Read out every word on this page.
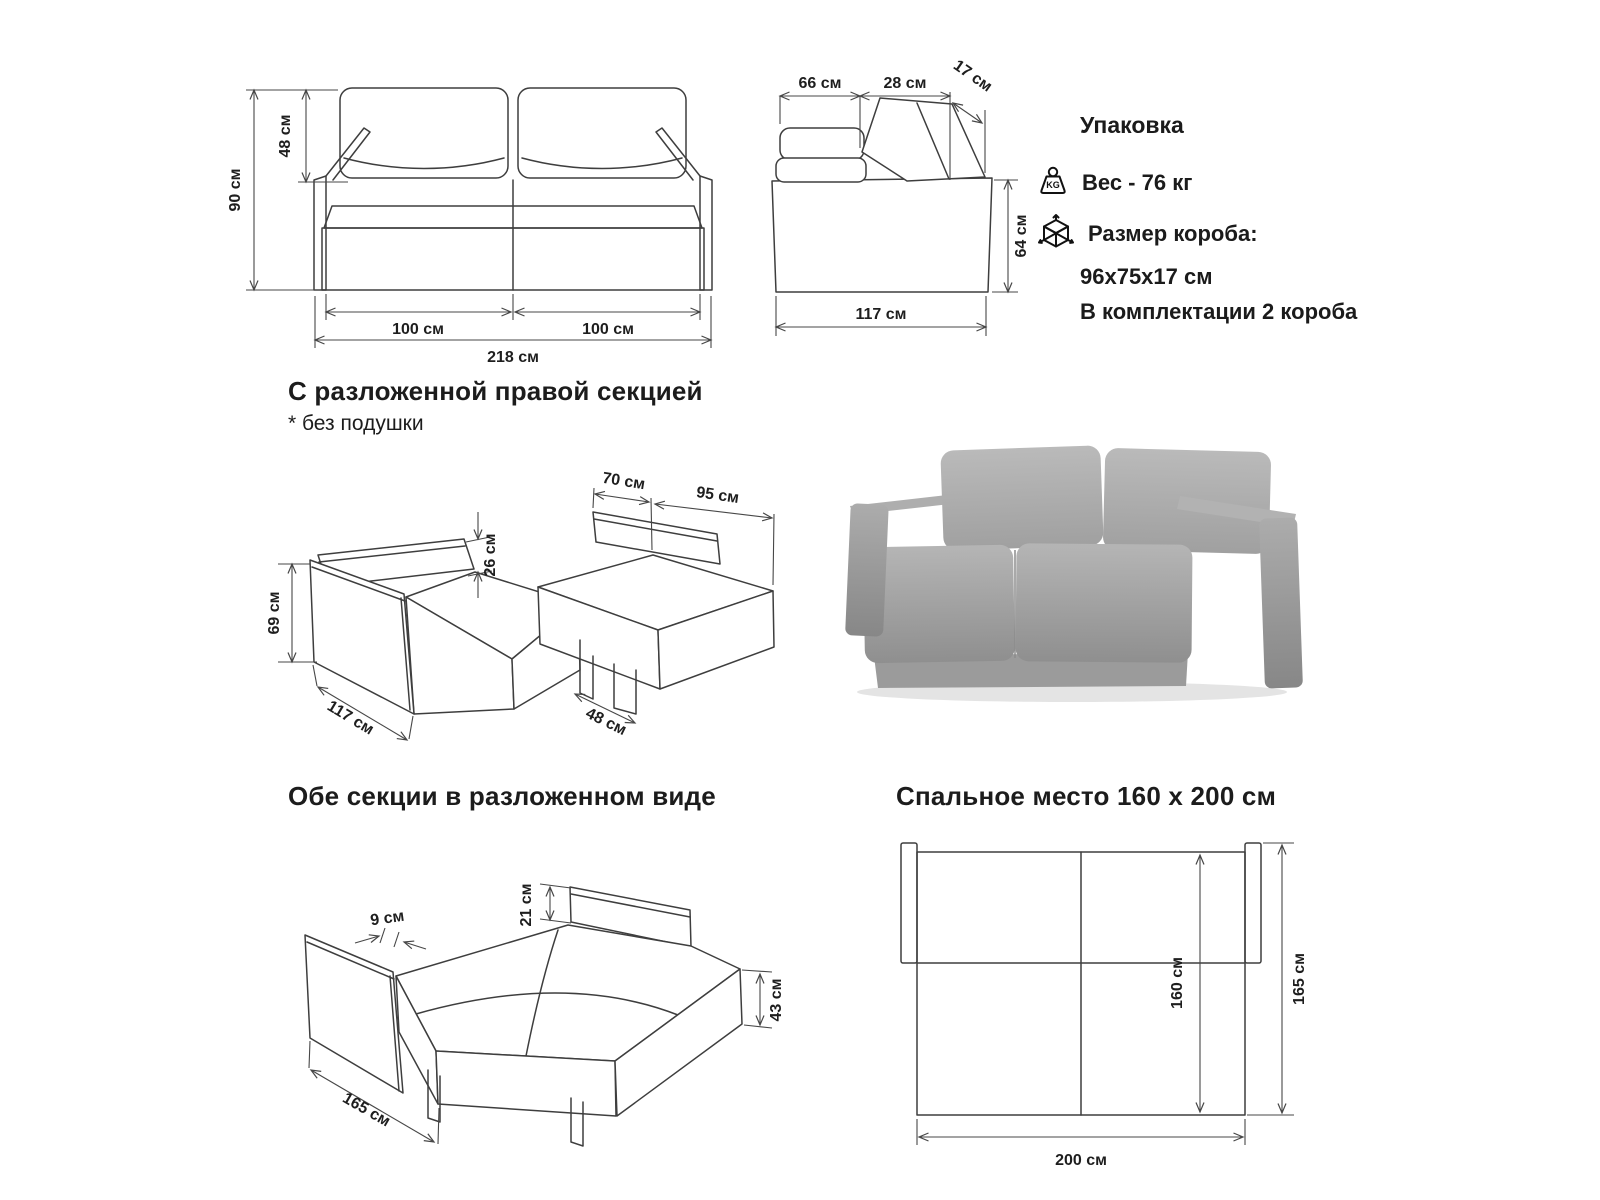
90 см
48 см
100 см	100 см
218 см
66 см	28 см 17 см
64 см
117 см
Упаковка
KG Вес - 76 кг
Размер короба:
96х75х17 см
В комплектации 2 короба
С разложенной правой секцией
* без подушки
70 см
95 см
26 см
69 см
117 см	48 см
Обе секции в разложенном виде
9 см	21 см
43 см
165 см
Спальное место 160 x 200 см
160 см	165 см
200 см
